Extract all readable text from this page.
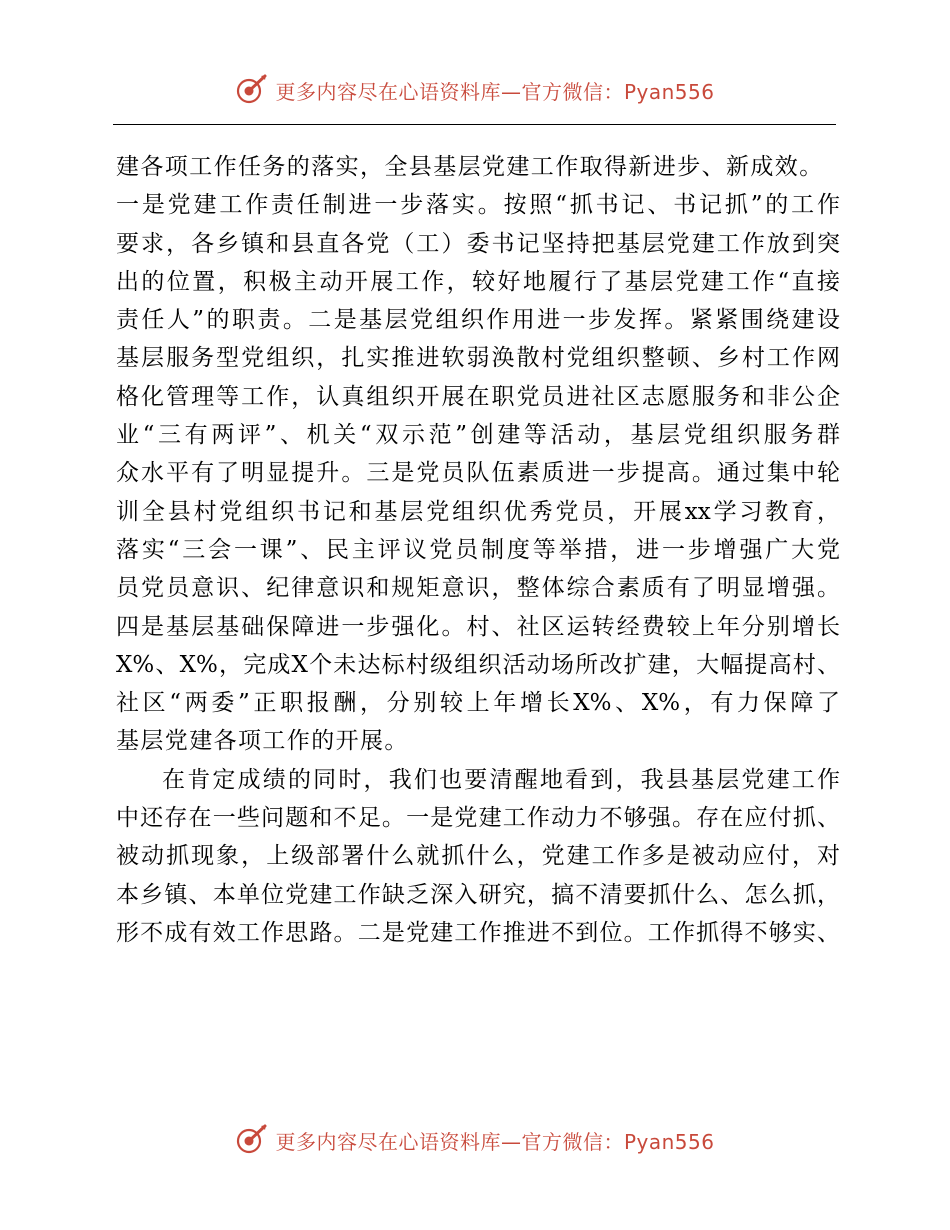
更多内容尽在心语资料库—官方微信：Pyan556
建各项工作任务的落实，全县基层党建工作取得新进步、新成效。
一是党建工作责任制进一步落实。按照“抓书记、书记抓”的工作
要求，各乡镇和县直各党（工）委书记坚持把基层党建工作放到突
出的位置，积极主动开展工作，较好地履行了基层党建工作“直接
责任人”的职责。二是基层党组织作用进一步发挥。紧紧围绕建设
基层服务型党组织，扎实推进软弱涣散村党组织整顿、乡村工作网
格化管理等工作，认真组织开展在职党员进社区志愿服务和非公企
业“三有两评”、机关“双示范”创建等活动，基层党组织服务群
众水平有了明显提升。三是党员队伍素质进一步提高。通过集中轮
训全县村党组织书记和基层党组织优秀党员，开展xx学习教育，
落实“三会一课”、民主评议党员制度等举措，进一步增强广大党
员党员意识、纪律意识和规矩意识，整体综合素质有了明显增强。
四是基层基础保障进一步强化。村、社区运转经费较上年分别增长
X%、X%，完成X个未达标村级组织活动场所改扩建，大幅提高村、
社区“两委”正职报酬，分别较上年增长X%、X%，有力保障了
基层党建各项工作的开展。
在肯定成绩的同时，我们也要清醒地看到，我县基层党建工作
中还存在一些问题和不足。一是党建工作动力不够强。存在应付抓、
被动抓现象，上级部署什么就抓什么，党建工作多是被动应付，对
本乡镇、本单位党建工作缺乏深入研究，搞不清要抓什么、怎么抓，
形不成有效工作思路。二是党建工作推进不到位。工作抓得不够实、
更多内容尽在心语资料库—官方微信：Pyan556
